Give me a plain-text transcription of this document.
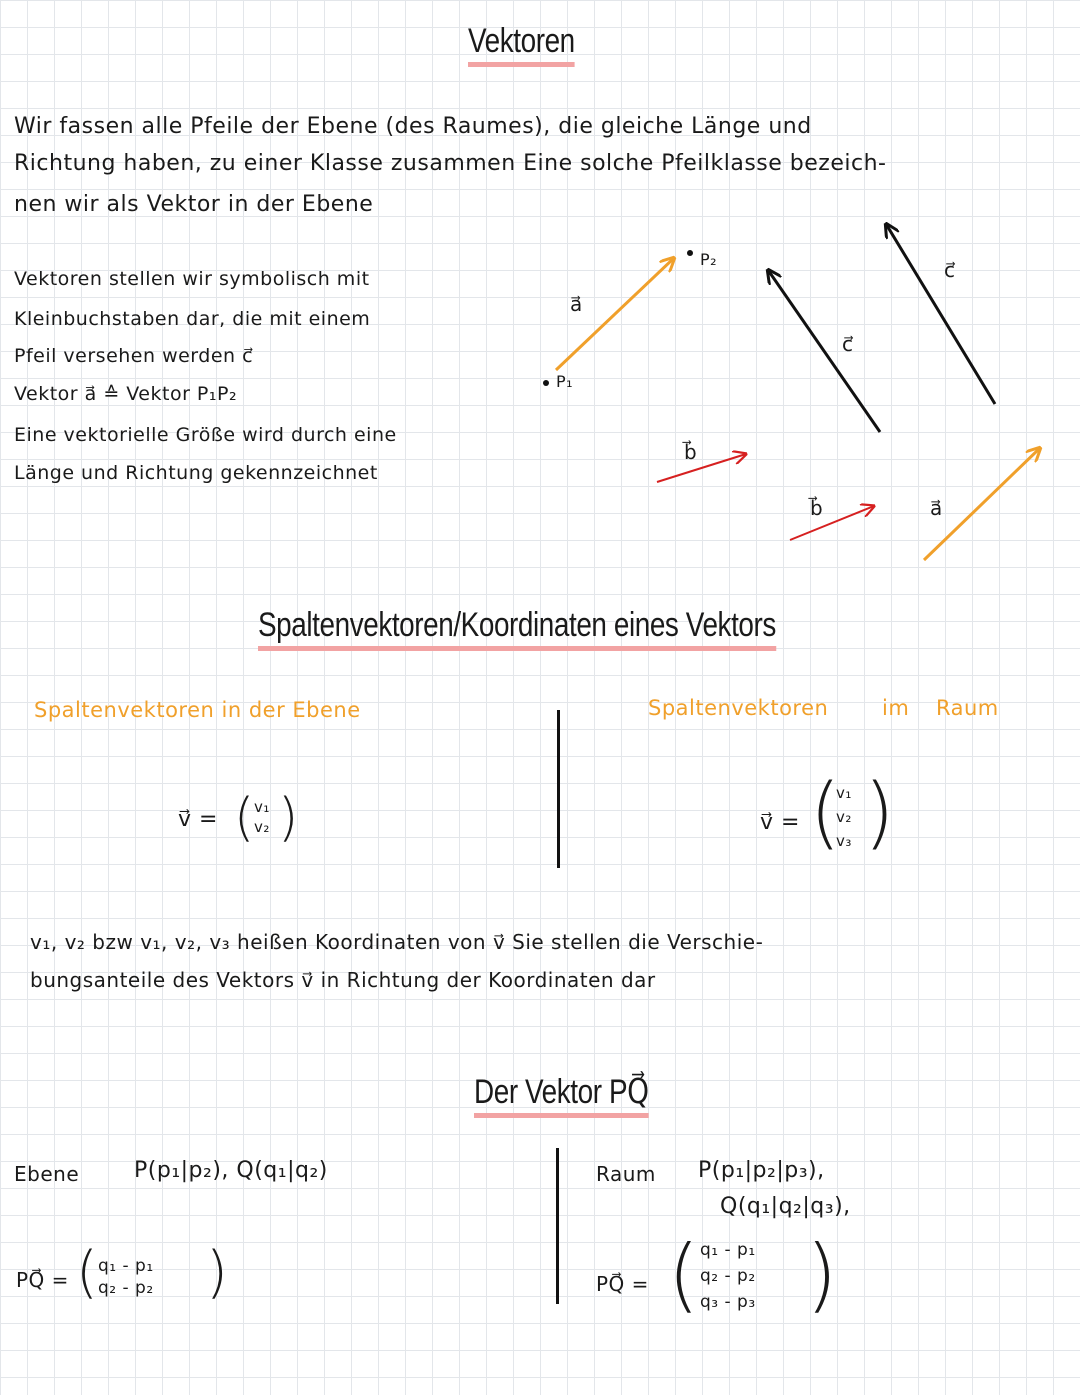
Vektoren
Wir fassen alle Pfeile der Ebene (des Raumes), die gleiche Länge und
Richtung haben, zu einer Klasse zusammen Eine solche Pfeilklasse bezeich-
nen wir als Vektor in der Ebene
Vektoren stellen wir symbolisch mit
Kleinbuchstaben dar, die mit einem
Pfeil versehen werden c⃗
Vektor a⃗ ≙ Vektor P₁P₂
Eine vektorielle Größe wird durch eine
Länge und Richtung gekennzeichnet
a⃗
P₁
P₂
b⃗
c⃗
c⃗
b⃗	a⃗
Spaltenvektoren/Koordinaten eines Vektors
Spaltenvektoren in der Ebene	Spaltenvektoren	im Raum
v⃗ = ( v₁
v₂ )	v⃗ = (
v₁
v₂
v₃ )
v₁, v₂ bzw v₁, v₂, v₃ heißen Koordinaten von v⃗ Sie stellen die Verschie-
bungsanteile des Vektors v⃗ in Richtung der Koordinaten dar
Der Vektor PQ⃗
Ebene P(p₁|p₂), Q(q₁|q₂)
PQ⃗ = ( q₁ - p₁
q₂ - p₂ )
Raum P(p₁|p₂|p₃),
Q(q₁|q₂|q₃),
PQ⃗ = ( q₁ - p₁
q₂ - p₂
q₃ - p₃ )
